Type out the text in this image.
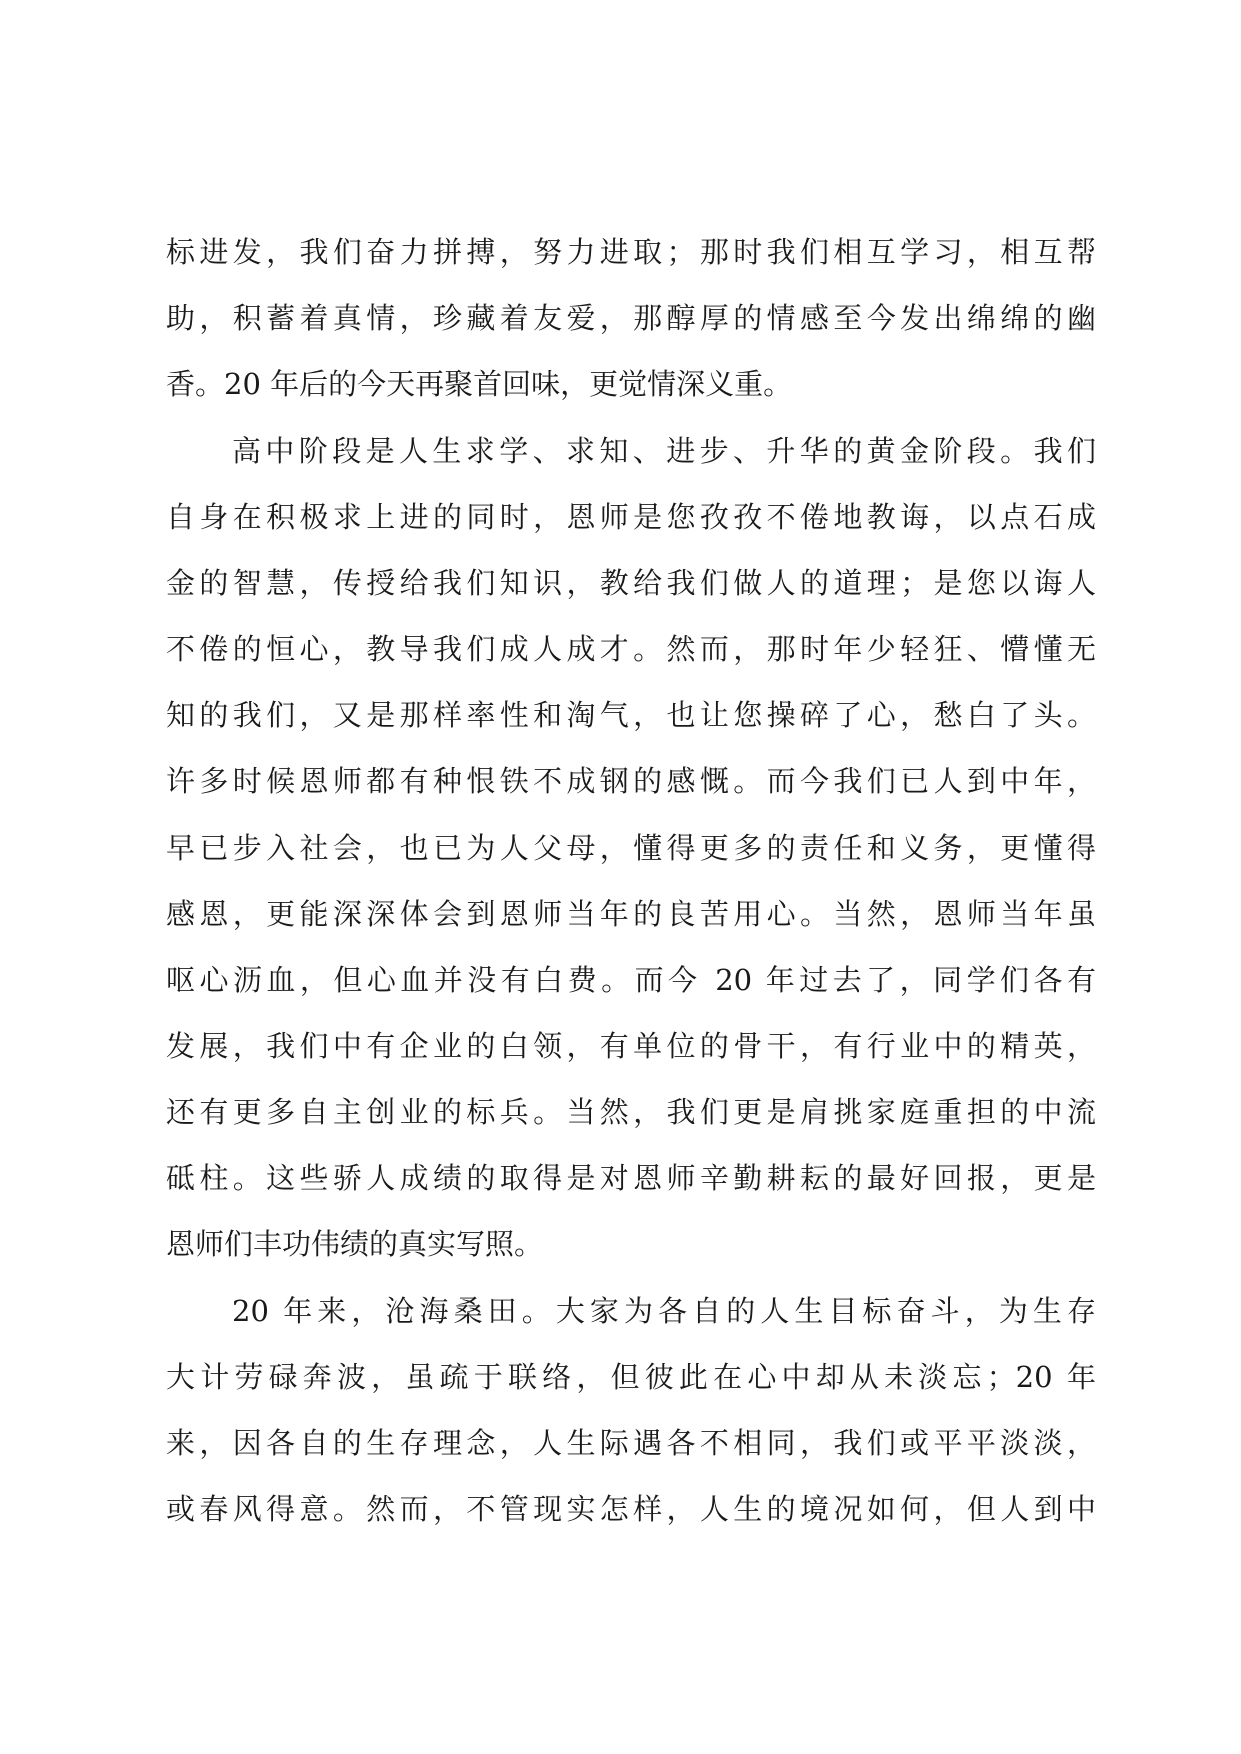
标进发，我们奋力拼搏，努力进取；那时我们相互学习，相互帮
助，积蓄着真情，珍藏着友爱，那醇厚的情感至今发出绵绵的幽
香。20 年后的今天再聚首回味，更觉情深义重。
高中阶段是人生求学、求知、进步、升华的黄金阶段。我们
自身在积极求上进的同时，恩师是您孜孜不倦地教诲，以点石成
金的智慧，传授给我们知识，教给我们做人的道理；是您以诲人
不倦的恒心，教导我们成人成才。然而，那时年少轻狂、懵懂无
知的我们，又是那样率性和淘气，也让您操碎了心，愁白了头。
许多时候恩师都有种恨铁不成钢的感慨。而今我们已人到中年，
早已步入社会，也已为人父母，懂得更多的责任和义务，更懂得
感恩，更能深深体会到恩师当年的良苦用心。当然，恩师当年虽
呕心沥血，但心血并没有白费。而今 20 年过去了，同学们各有
发展，我们中有企业的白领，有单位的骨干，有行业中的精英，
还有更多自主创业的标兵。当然，我们更是肩挑家庭重担的中流
砥柱。这些骄人成绩的取得是对恩师辛勤耕耘的最好回报，更是
恩师们丰功伟绩的真实写照。
20 年来，沧海桑田。大家为各自的人生目标奋斗，为生存
大计劳碌奔波，虽疏于联络，但彼此在心中却从未淡忘；20 年
来，因各自的生存理念，人生际遇各不相同，我们或平平淡淡，
或春风得意。然而，不管现实怎样，人生的境况如何，但人到中
